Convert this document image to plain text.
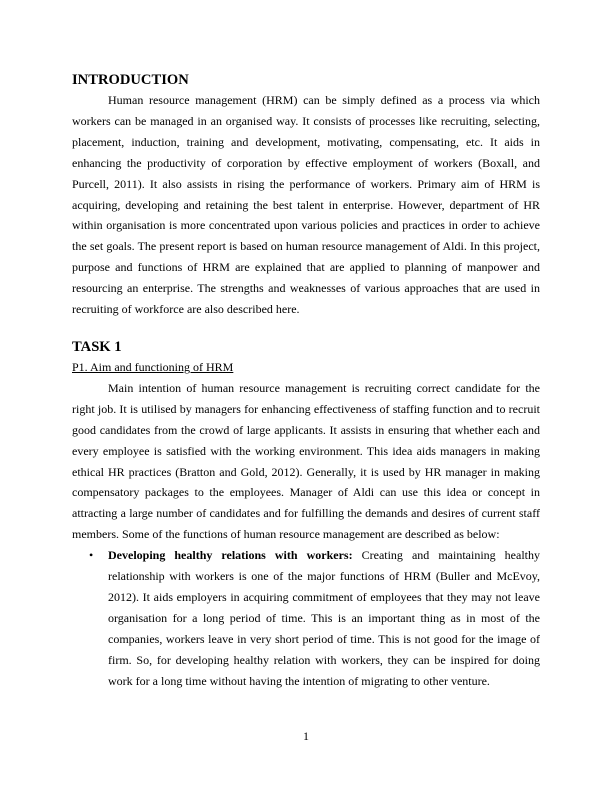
INTRODUCTION

Human resource management (HRM) can be simply defined as a process via which workers can be managed in an organised way. It consists of processes like recruiting, selecting, placement, induction, training and development, motivating, compensating, etc. It aids in enhancing the productivity of corporation by effective employment of workers (Boxall, and Purcell, 2011). It also assists in rising the performance of workers. Primary aim of HRM is acquiring, developing and retaining the best talent in enterprise. However, department of HR within organisation is more concentrated upon various policies and practices in order to achieve the set goals. The present report is based on human resource management of Aldi. In this project, purpose and functions of HRM are explained that are applied to planning of manpower and resourcing an enterprise. The strengths and weaknesses of various approaches that are used in recruiting of workforce are also described here.

TASK 1

P1. Aim and functioning of HRM

Main intention of human resource management is recruiting correct candidate for the right job. It is utilised by managers for enhancing effectiveness of staffing function and to recruit good candidates from the crowd of large applicants. It assists in ensuring that whether each and every employee is satisfied with the working environment. This idea aids managers in making ethical HR practices (Bratton and Gold, 2012). Generally, it is used by HR manager in making compensatory packages to the employees. Manager of Aldi can use this idea or concept in attracting a large number of candidates and for fulfilling the demands and desires of current staff members. Some of the functions of human resource management are described as below:

• Developing healthy relations with workers: Creating and maintaining healthy relationship with workers is one of the major functions of HRM (Buller and McEvoy, 2012). It aids employers in acquiring commitment of employees that they may not leave organisation for a long period of time. This is an important thing as in most of the companies, workers leave in very short period of time. This is not good for the image of firm. So, for developing healthy relation with workers, they can be inspired for doing work for a long time without having the intention of migrating to other venture.
1
